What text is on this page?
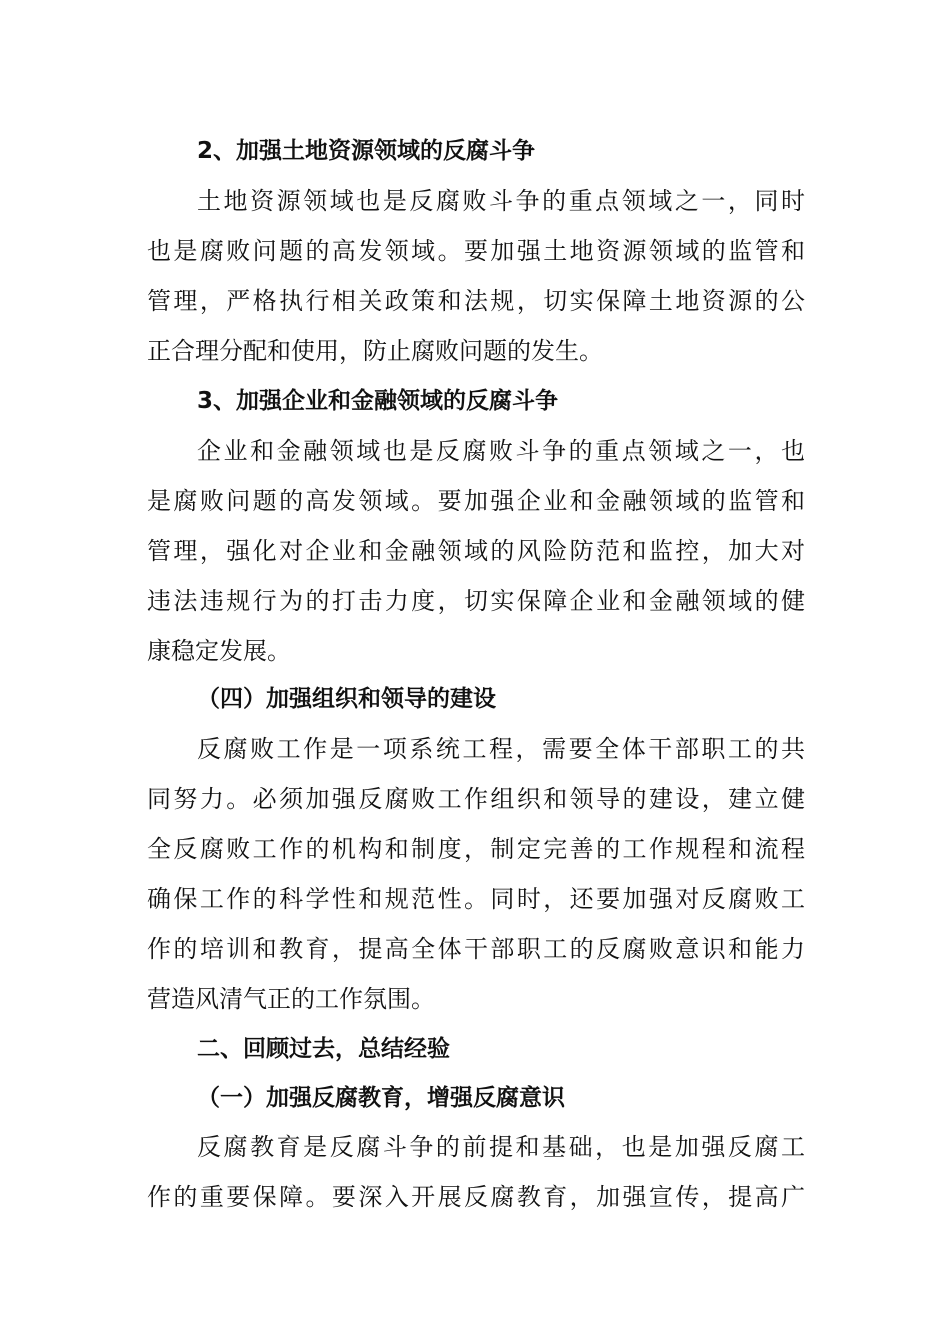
2、加强土地资源领域的反腐斗争
土地资源领域也是反腐败斗争的重点领域之一，同时
也是腐败问题的高发领域。要加强土地资源领域的监管和
管理，严格执行相关政策和法规，切实保障土地资源的公
正合理分配和使用，防止腐败问题的发生。
3、加强企业和金融领域的反腐斗争
企业和金融领域也是反腐败斗争的重点领域之一，也
是腐败问题的高发领域。要加强企业和金融领域的监管和
管理，强化对企业和金融领域的风险防范和监控，加大对
违法违规行为的打击力度，切实保障企业和金融领域的健
康稳定发展。
（四）加强组织和领导的建设
反腐败工作是一项系统工程，需要全体干部职工的共
同努力。必须加强反腐败工作组织和领导的建设，建立健
全反腐败工作的机构和制度，制定完善的工作规程和流程
确保工作的科学性和规范性。同时，还要加强对反腐败工
作的培训和教育，提高全体干部职工的反腐败意识和能力
营造风清气正的工作氛围。
二、回顾过去，总结经验
（一）加强反腐教育，增强反腐意识
反腐教育是反腐斗争的前提和基础，也是加强反腐工
作的重要保障。要深入开展反腐教育，加强宣传，提高广
